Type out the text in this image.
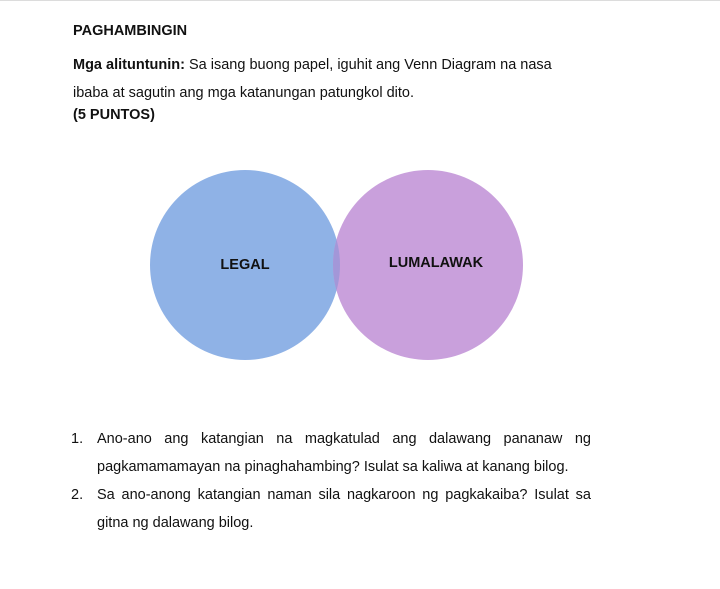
PAGHAMBINGIN
Mga alituntunin: Sa isang buong papel, iguhit ang Venn Diagram na nasa ibaba at sagutin ang mga katanungan patungkol dito.
(5 PUNTOS)
LEGAL	LUMALAWAK
1. Ano-ano ang katangian na magkatulad ang dalawang pananaw ng pagkamamamayan na pinaghahambing? Isulat sa kaliwa at kanang bilog.
2. Sa ano-anong katangian naman sila nagkaroon ng pagkakaiba? Isulat sa gitna ng dalawang bilog.
